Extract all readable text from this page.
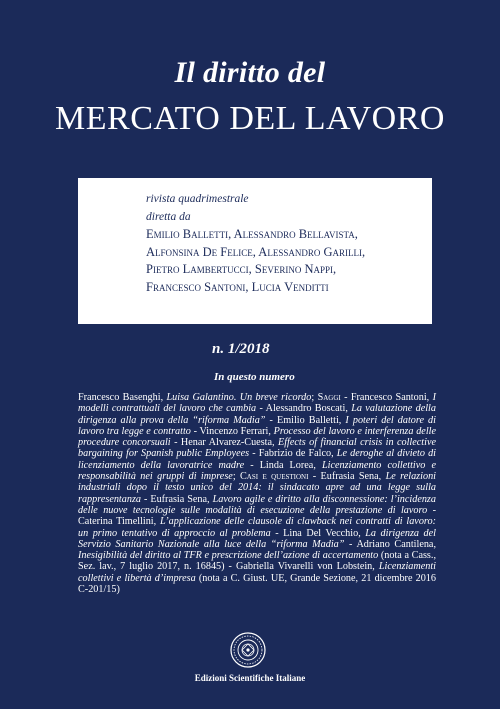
Il diritto del
MERCATO DEL LAVORO
rivista quadrimestrale
diretta da
Emilio Balletti, Alessandro Bellavista,
Alfonsina De Felice, Alessandro Garilli,
Pietro Lambertucci, Severino Nappi,
Francesco Santoni, Lucia Venditti
n. 1/2018
In questo numero
Francesco Basenghi, Luisa Galantino. Un breve ricordo; Saggi - Francesco Santoni, I modelli contrattuali del lavoro che cambia - Alessandro Boscati, La valutazione della dirigenza alla prova della “riforma Madia” - Emilio Balletti, I poteri del datore di lavoro tra legge e contratto - Vincenzo Ferrari, Processo del lavoro e interferenza delle procedure concorsuali - Henar Alvarez-Cuesta, Effects of financial crisis in collective bargaining for Spanish public Employees - Fabrizio de Falco, Le deroghe al divieto di licenziamento della lavoratrice madre - Linda Lorea, Licenziamento collettivo e responsabilità nei gruppi di imprese; Casi e questioni - Eufrasia Sena, Le relazioni industriali dopo il testo unico del 2014: il sindacato apre ad una legge sulla rappresentanza - Eufrasia Sena, Lavoro agile e diritto alla disconnessione: l’incidenza delle nuove tecnologie sulle modalità di esecuzione della prestazione di lavoro - Caterina Timellini, L’applicazione delle clausole di clawback nei contratti di lavoro: un primo tentativo di approccio al problema - Lina Del Vecchio, La dirigenza del Servizio Sanitario Nazionale alla luce della “riforma Madia” - Adriano Cantilena, Inesigibilità del diritto al TFR e prescrizione dell’azione di accertamento (nota a Cass., Sez. lav., 7 luglio 2017, n. 16845) - Gabriella Vivarelli von Lobstein, Licenziamenti collettivi e libertà d’impresa (nota a C. Giust. UE, Grande Sezione, 21 dicembre 2016 C-201/15)
Edizioni Scientifiche Italiane
